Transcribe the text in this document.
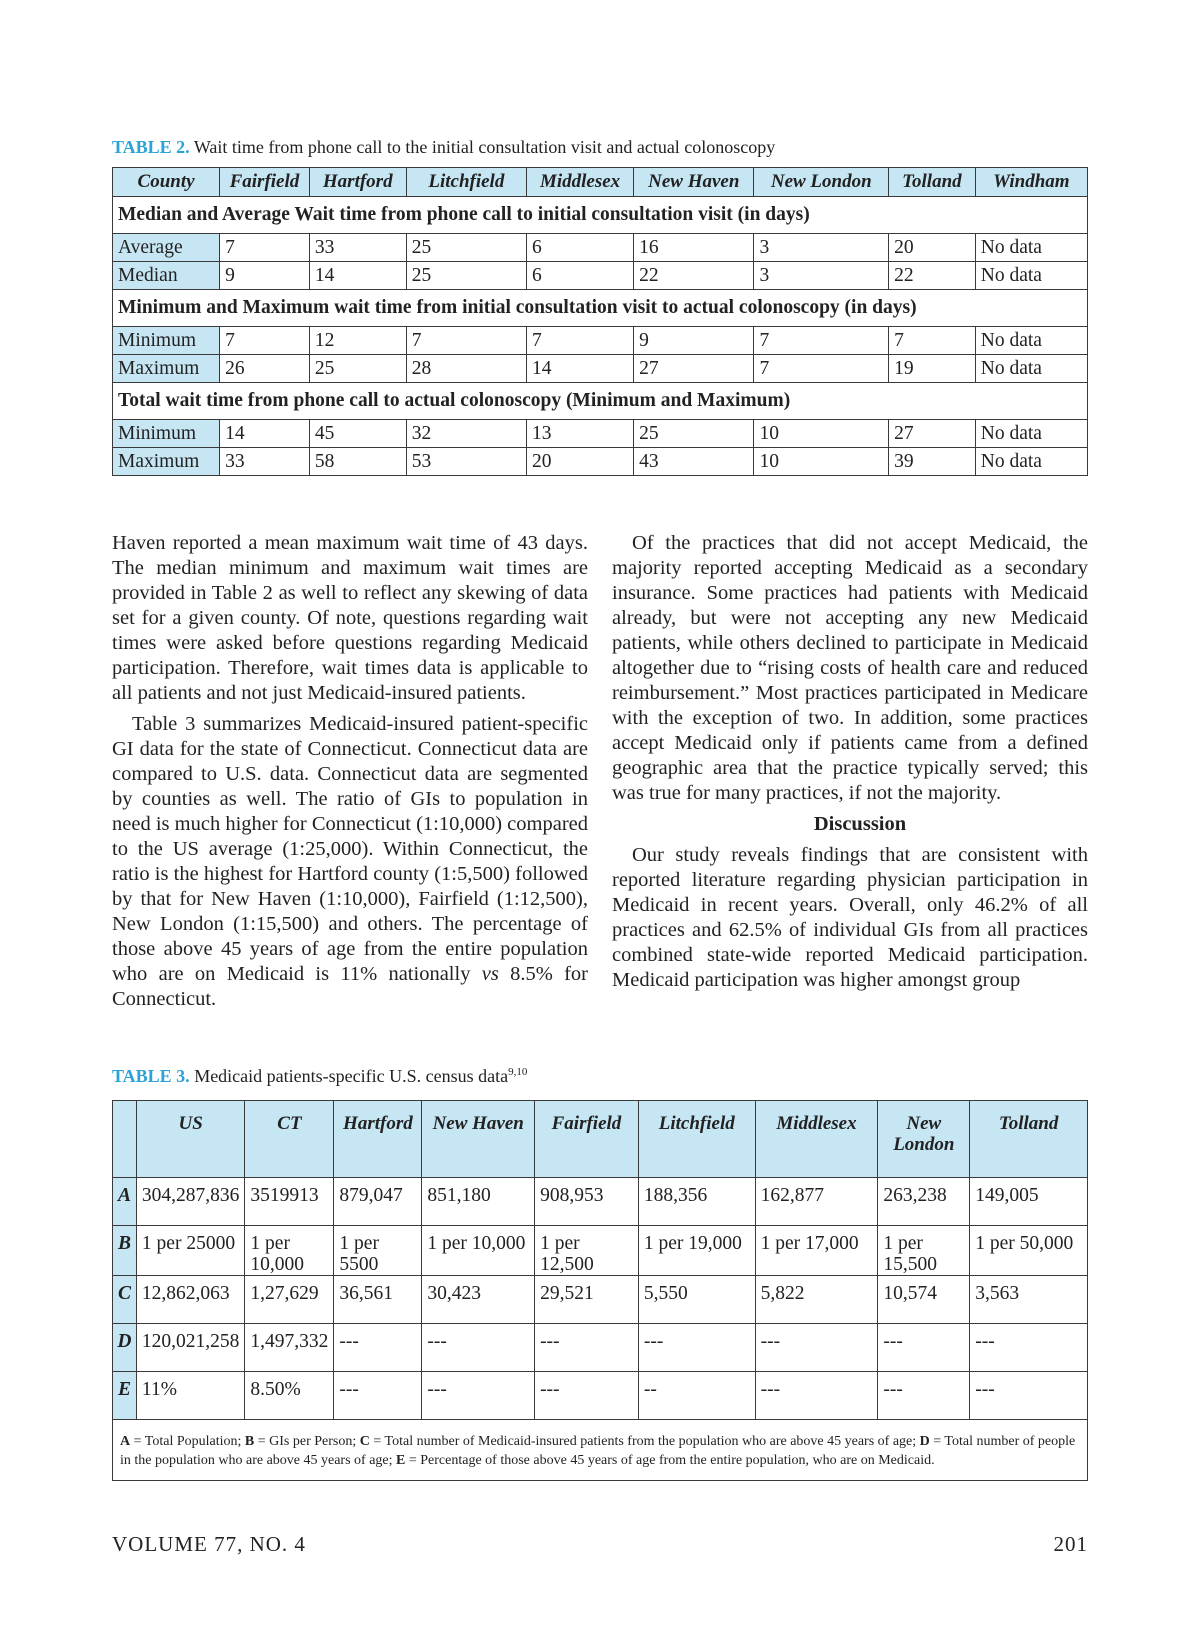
TABLE 2. Wait time from phone call to the initial consultation visit and actual colonoscopy
County	Fairfield	Hartford	Litchfield	Middlesex	New Haven	New London	Tolland	Windham
Median and Average Wait time from phone call to initial consultation visit (in days)								
Average	7	33	25	6	16	3	20	No data
Median	9	14	25	6	22	3	22	No data
Minimum and Maximum wait time from initial consultation visit to actual colonoscopy (in days)								
Minimum	7	12	7	7	9	7	7	No data
Maximum	26	25	28	14	27	7	19	No data
Total wait time from phone call to actual colonoscopy (Minimum and Maximum)								
Minimum	14	45	32	13	25	10	27	No data
Maximum	33	58	53	20	43	10	39	No data

Haven reported a mean maximum wait time of 43 days. The median minimum and maximum wait times are provided in Table 2 as well to reflect any skewing of data set for a given county. Of note, questions regarding wait times were asked before questions regarding Medicaid participation. Therefore, wait times data is applicable to all patients and not just Medicaid-insured patients.

Table 3 summarizes Medicaid-insured patient-specific GI data for the state of Connecticut. Connecticut data are compared to U.S. data. Connecticut data are segmented by counties as well. The ratio of GIs to population in need is much higher for Connecticut (1:10,000) compared to the US average (1:25,000). Within Connecticut, the ratio is the highest for Hartford county (1:5,500) followed by that for New Haven (1:10,000), Fairfield (1:12,500), New London (1:15,500) and others. The percentage of those above 45 years of age from the entire population who are on Medicaid is 11% nationally vs 8.5% for Connecticut.

Of the practices that did not accept Medicaid, the majority reported accepting Medicaid as a secondary insurance. Some practices had patients with Medicaid already, but were not accepting any new Medicaid patients, while others declined to participate in Medicaid altogether due to “rising costs of health care and reduced reimbursement.” Most practices participated in Medicare with the exception of two. In addition, some practices accept Medicaid only if patients came from a defined geographic area that the practice typically served; this was true for many practices, if not the majority.

Discussion

Our study reveals findings that are consistent with reported literature regarding physician participation in Medicaid in recent years. Overall, only 46.2% of all practices and 62.5% of individual GIs from all practices combined state-wide reported Medicaid participation. Medicaid participation was higher amongst group

TABLE 3. Medicaid patients-specific U.S. census data$^{9,10}$
	US	CT	Hartford	New Haven	Fairfield	Litchfield	Middlesex	New London	Tolland
A	304,287,836	3519913	879,047	851,180	908,953	188,356	162,877	263,238	149,005
B	1 per 25000	1 per 10,000	1 per 5500	1 per 10,000	1 per 12,500	1 per 19,000	1 per 17,000	1 per 15,500	1 per 50,000
C	12,862,063	1,27,629	36,561	30,423	29,521	5,550	5,822	10,574	3,563
D	120,021,258	1,497,332	---	---	---	---	---	---	---
E	11%	8.50%	---	---	---	--	---	---	---
A = Total Population; B = GIs per Person; C = Total number of Medicaid-insured patients from the population who are above 45 years of age; D = Total number of people in the population who are above 45 years of age; E = Percentage of those above 45 years of age from the entire population, who are on Medicaid.									
VOLUME 77, NO. 4	201
